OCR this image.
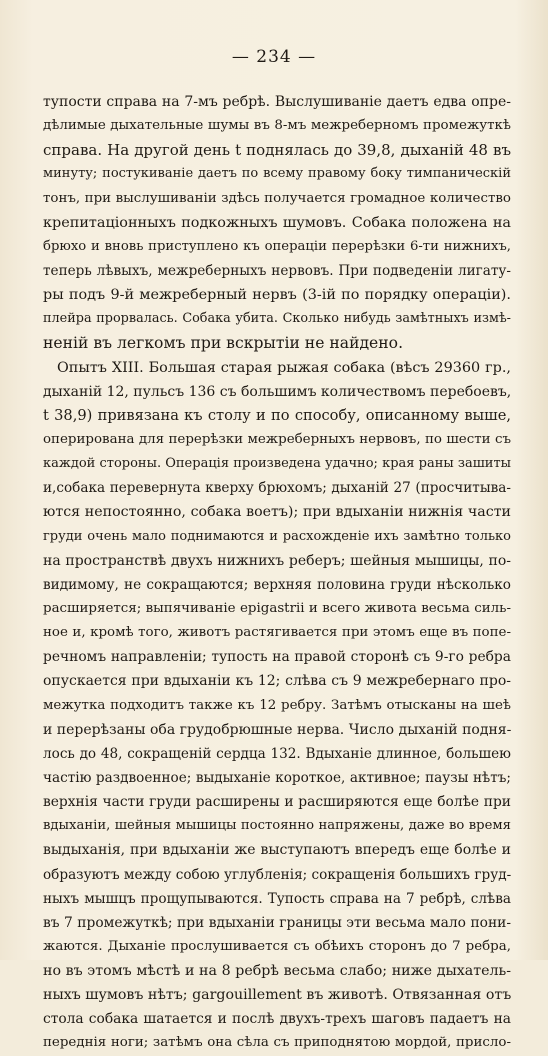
— 234 —
тупости справа на 7-мъ ребрѣ. Выслушиваніе даетъ едва опре-
дѣлимые дыхательные шумы въ 8-мъ межреберномъ промежуткѣ
справа. На другой день t поднялась до 39,8, дыханій 48 въ
минуту; постукиваніе даетъ по всему правому боку тимпаническій
тонъ, при выслушиваніи здѣсь получается громадное количество
крепитаціонныхъ подкожныхъ шумовъ. Собака положена на
брюхо и вновь приступлено къ операціи перерѣзки 6-ти нижнихъ,
теперь лѣвыхъ, межреберныхъ нервовъ. При подведеніи лигату-
ры подъ 9-й межреберный нервъ (3-ій по порядку операціи).
плейра прорвалась. Собака убита. Сколько нибудь замѣтныхъ измѣ-
неній въ легкомъ при вскрытіи не найдено.
Опытъ XIII. Большая старая рыжая собака (вѣсъ 29360 гр.,
дыханій 12, пульсъ 136 съ большимъ количествомъ перебоевъ,
t 38,9) привязана къ столу и по способу, описанному выше,
оперирована для перерѣзки межреберныхъ нервовъ, по шести съ
каждой стороны. Операція произведена удачно; края раны зашиты
и,собака перевернута кверху брюхомъ; дыханій 27 (просчитыва-
ются непостоянно, собака воетъ); при вдыханіи нижнія части
груди очень мало поднимаются и расхожденіе ихъ замѣтно только
на пространствѣ двухъ нижнихъ реберъ; шейныя мышицы, по-
видимому, не сокращаются; верхняя половина груди нѣсколько
расширяется; выпячиваніе epigastrii и всего живота весьма силь-
ное и, кромѣ того, животъ растягивается при этомъ еще въ попе-
речномъ направленіи; тупость на правой сторонѣ съ 9-го ребра
опускается при вдыханіи къ 12; слѣва съ 9 межребернаго про-
межутка подходитъ также къ 12 ребру. Затѣмъ отысканы на шеѣ
и перерѣзаны оба грудобрюшные нерва. Число дыханій подня-
лось до 48, сокращеній сердца 132. Вдыханіе длинное, большею
частію раздвоенное; выдыханіе короткое, активное; паузы нѣтъ;
верхнія части груди расширены и расширяются еще болѣе при
вдыханіи, шейныя мышицы постоянно напряжены, даже во время
выдыханія, при вдыханіи же выступаютъ впередъ еще болѣе и
образуютъ между собою углубленія; сокращенія большихъ груд-
ныхъ мышцъ прощупываются. Тупость справа на 7 ребрѣ, слѣва
въ 7 промежуткѣ; при вдыханіи границы эти весьма мало пони-
жаются. Дыханіе прослушивается съ обѣихъ сторонъ до 7 ребра,
но въ этомъ мѣстѣ и на 8 ребрѣ весьма слабо; ниже дыхатель-
ныхъ шумовъ нѣтъ; gargouillement въ животѣ. Отвязанная отъ
стола собака шатается и послѣ двухъ-трехъ шаговъ падаетъ на
переднія ноги; затѣмъ она сѣла съ приподнятою мордой, присло-
